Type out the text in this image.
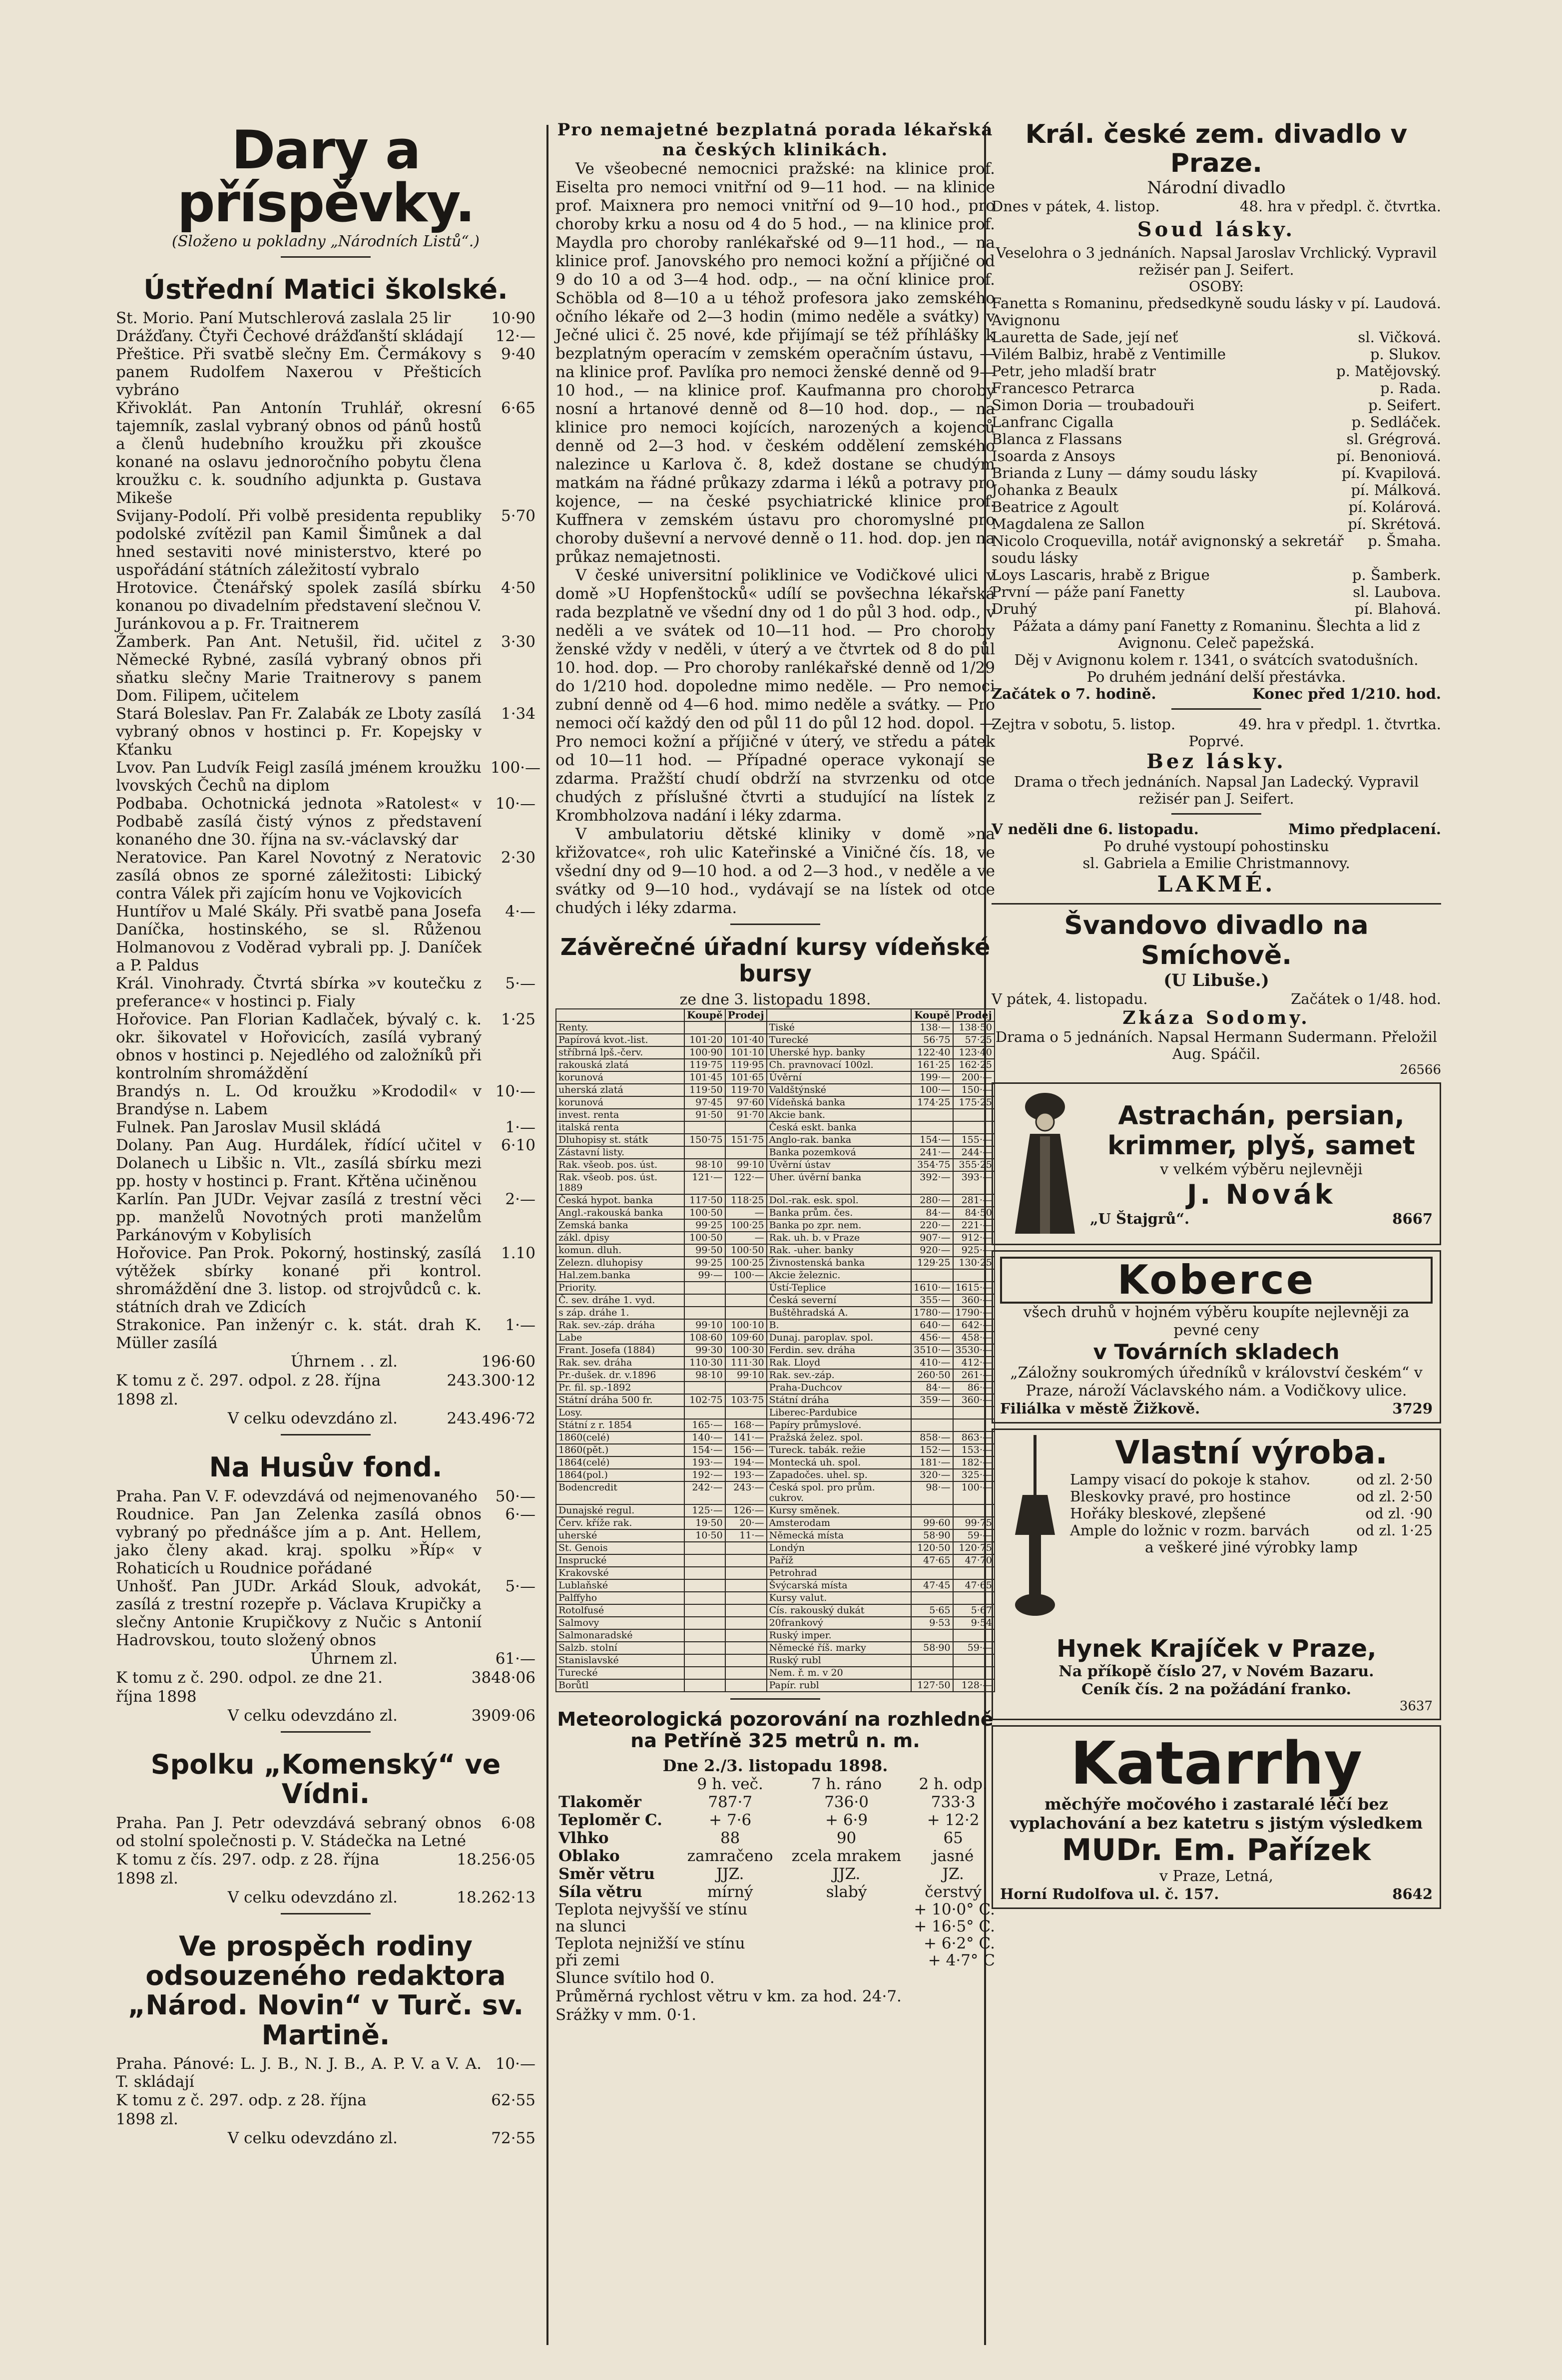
Dary a příspěvky.
(Složeno u pokladny „Národních Listů“.)
Ústřední Matici školské.
St. Morio. Paní Mutschlerová zaslala 25 lir	10·90
Drážďany. Čtyři Čechové drážďanští skládají	12·—
Přeštice. Při svatbě slečny Em. Čermákovy s panem Rudolfem Naxerou v Přešticích vybráno
9·40
Křivoklát. Pan Antonín Truhlář, okresní tajemník, zaslal vybraný obnos od pánů hostů a členů hudebního kroužku při zkoušce konané na oslavu jednoročního pobytu člena kroužku c. k. soudního adjunkta p. Gustava Mikeše
6·65
Svijany-Podolí. Při volbě presidenta republiky podolské zvítězil pan Kamil Šimůnek a dal hned sestaviti nové ministerstvo, které po uspořádání státních záležitostí vybralo
5·70
Hrotovice. Čtenářský spolek zasílá sbírku konanou po divadelním představení slečnou V. Juránkovou a p. Fr. Traitnerem
4·50
Žamberk. Pan Ant. Netušil, řid. učitel z Německé Rybné, zasílá vybraný obnos při sňatku slečny Marie Traitnerovy s panem Dom. Filipem, učitelem
3·30
Stará Boleslav. Pan Fr. Zalabák ze Lboty zasílá vybraný obnos v hostinci p. Fr. Kopejsky v Kťanku
1·34
Lvov. Pan Ludvík Feigl zasílá jménem kroužku lvovských Čechů na diplom
100·—
Podbaba. Ochotnická jednota »Ratolest« v Podbabě zasílá čistý výnos z představení konaného dne 30. října na sv.-václavský dar
10·—
Neratovice. Pan Karel Novotný z Neratovic zasílá obnos ze sporné záležitosti: Libický contra Válek při zajícím honu ve Vojkovicích
2·30
Huntířov u Malé Skály. Při svatbě pana Josefa Daníčka, hostinského, se sl. Růženou Holmanovou z Voděrad vybrali pp. J. Daníček a P. Paldus
4·—
Král. Vinohrady. Čtvrtá sbírka »v koutečku z preferance« v hostinci p. Fialy
5·—
Hořovice. Pan Florian Kadlaček, bývalý c. k. okr. šikovatel v Hořovicích, zasílá vybraný obnos v hostinci p. Nejedlého od založníků při kontrolním shromáždění
1·25
Brandýs n. L. Od kroužku »Krododil« v Brandýse n. Labem
10·—
Fulnek. Pan Jaroslav Musil skládá	1·—
Dolany. Pan Aug. Hurdálek, řídící učitel v Dolanech u Libšic n. Vlt., zasílá sbírku mezi pp. hosty v hostinci p. Frant. Křtěna učiněnou
6·10
Karlín. Pan JUDr. Vejvar zasílá z trestní věci pp. manželů Novotných proti manželům Parkánovým v Kobylisích
2·—
Hořovice. Pan Prok. Pokorný, hostinský, zasílá výtěžek sbírky konané při kontrol. shromáždění dne 3. listop. od strojvůdců c. k. státních drah ve Zdicích
1.10
Strakonice. Pan inženýr c. k. stát. drah K. Müller zasílá
1·—
Úhrnem . . zl.	196·60
K tomu z č. 297. odpol. z 28. října 1898 zl.
243.300·12
V celku odevzdáno zl.	243.496·72
Na Husův fond.
Praha. Pan V. F. odevzdává od nejmenovaného	50·—
Roudnice. Pan Jan Zelenka zasílá obnos vybraný po přednášce jím a p. Ant. Hellem, jako členy akad. kraj. spolku »Říp« v Rohaticích u Roudnice pořádané
6·—
Unhošť. Pan JUDr. Arkád Slouk, advokát, zasílá z trestní rozepře p. Václava Krupičky a slečny Antonie Krupičkovy z Nučic s Antonií Hadrovskou, touto složený obnos
5·—
Úhrnem zl.	61·—
K tomu z č. 290. odpol. ze dne 21. října 1898
3848·06
V celku odevzdáno zl.	3909·06
Spolku „Komenský“ ve Vídni.
Praha. Pan J. Petr odevzdává sebraný obnos od stolní společnosti p. V. Stádečka na Letné
6·08
K tomu z čís. 297. odp. z 28. října 1898 zl.
18.256·05
V celku odevzdáno zl.	18.262·13
Ve prospěch rodiny odsouzeného redaktora „Národ. Novin“ v Turč. sv. Martině.
Praha. Pánové: L. J. B., N. J. B., A. P. V. a V. A. T. skládají
10·—
K tomu z č. 297. odp. z 28. října 1898 zl.
62·55
V celku odevzdáno zl.	72·55
Pro nemajetné bezplatná porada lékařská na českých klinikách.

Ve všeobecné nemocnici pražské: na klinice prof. Eiselta pro nemoci vnitřní od 9—11 hod. — na klinice prof. Maixnera pro nemoci vnitřní od 9—10 hod., pro choroby krku a nosu od 4 do 5 hod., — na klinice prof. Maydla pro choroby ranlékařské od 9—11 hod., — na klinice prof. Janovského pro nemoci kožní a příjičné od 9 do 10 a od 3—4 hod. odp., — na oční klinice prof. Schöbla od 8—10 a u téhož profesora jako zemského očního lékaře od 2—3 hodin (mimo neděle a svátky) v Ječné ulici č. 25 nové, kde přijímají se též příhlášky k bezplatným operacím v zemském operačním ústavu, — na klinice prof. Pavlíka pro nemoci ženské denně od 9—10 hod., — na klinice prof. Kaufmanna pro choroby nosní a hrtanové denně od 8—10 hod. dop., — na klinice pro nemoci kojících, narozených a kojenců denně od 2—3 hod. v českém oddělení zemského nalezince u Karlova č. 8, kdež dostane se chudým matkám na řádné průkazy zdarma i léků a potravy pro kojence, — na české psychiatrické klinice prof. Kuffnera v zemském ústavu pro choromyslné pro choroby duševní a nervové denně o 11. hod. dop. jen na průkaz nemajetnosti.

V české universitní poliklinice ve Vodičkové ulici v domě »U Hopfenštocků« udílí se povšechna lékařská rada bezplatně ve všední dny od 1 do půl 3 hod. odp., v neděli a ve svátek od 10—11 hod. — Pro choroby ženské vždy v neděli, v úterý a ve čtvrtek od 8 do půl 10. hod. dop. — Pro choroby ranlékařské denně od 1/29 do 1/210 hod. dopoledne mimo neděle. — Pro nemoci zubní denně od 4—6 hod. mimo neděle a svátky. — Pro nemoci očí každý den od půl 11 do půl 12 hod. dopol. — Pro nemoci kožní a příjičné v úterý, ve středu a pátek od 10—11 hod. — Případné operace vykonají se zdarma. Pražští chudí obdrží na stvrzenku od otce chudých z příslušné čtvrti a studující na lístek z Krombholzova nadání i léky zdarma.

V ambulatoriu dětské kliniky v domě »na křižovatce«, roh ulic Kateřinské a Viničné čís. 18, ve všední dny od 9—10 hod. a od 2—3 hod., v neděle a ve svátky od 9—10 hod., vydávají se na lístek od otce chudých i léky zdarma.

Závěrečné úřadní kursy vídeňské bursy
ze dne 3. listopadu 1898.
	Koupě	Prodej		Koupě	Prodej
Renty.			Tiské	138·—	138·50
Papírová kvot.-list.	101·20	101·40	Turecké	56·75	57·25
stříbrná lpš.-červ.	100·90	101·10	Uherské hyp. banky	122·40	123·40
rakouská zlatá	119·75	119·95	Ch. pravnovací 100zl.	161·25	162·25
korunová	101·45	101·65	Úvěrní	199·—	200·—
uherská zlatá	119·50	119·70	Valdštýnské	100·—	150·—
korunová	97·45	97·60	Vídeňská banka	174·25	175·25
invest. renta	91·50	91·70	Akcie bank.		
italská renta			Česká eskt. banka		
Dluhopisy st. státk	150·75	151·75	Anglo-rak. banka	154·—	155·—
Zástavní listy.			Banka pozemková	241·—	244·—
Rak. všeob. pos. úst.	98·10	99·10	Úvěrní ústav	354·75	355·25
Rak. všeob. pos. úst. 1889	121·—	122·—	Uher. úvěrní banka	392·—	393·—
Česká hypot. banka	117·50	118·25	Dol.-rak. esk. spol.	280·—	281·—
Angl.-rakouská banka	100·50	—	Banka prům. čes.	84·—	84·50
Zemská banka	99·25	100·25	Banka po zpr. nem.	220·—	221·—
zákl. dpisy	100·50	—	Rak. uh. b. v Praze	907·—	912·—
komun. dluh.	99·50	100·50	Rak. -uher. banky	920·—	925·—
Zelezn. dluhopisy	99·25	100·25	Živnostenská banka	129·25	130·25
Hal.zem.banka	99·—	100·—	Akcie železnic.		
Priority.			Ústí-Teplice	1610·—	1615·—
Č. sev. dráhe 1. vyd.			Česká severní	355·—	360·—
s záp. dráhe 1.			Buštěhradská A.	1780·—	1790·—
Rak. sev.-záp. dráha	99·10	100·10	B.	640·—	642·—
Labe	108·60	109·60	Dunaj. paroplav. spol.	456·—	458·—
Frant. Josefa (1884)	99·30	100·30	Ferdin. sev. dráha	3510·—	3530·—
Rak. sev. dráha	110·30	111·30	Rak. Lloyd	410·—	412·—
Pr.-dušek. dr. v.1896	98·10	99·10	Rak. sev.-záp.	260·50	261·—
Pr. fil. sp.-1892			Praha-Duchcov	84·—	86·—
Státní dráha 500 fr.	102·75	103·75	Státní dráha	359·—	360·—
Losy.			Liberec-Pardubice		
Státní z r. 1854	165·—	168·—	Papíry průmyslové.		
1860(celé)	140·—	141·—	Pražská želez. spol.	858·—	863·—
1860(pět.)	154·—	156·—	Tureck. tabák. režie	152·—	153·—
1864(celé)	193·—	194·—	Montecká uh. spol.	181·—	182·—
1864(pol.)	192·—	193·—	Zapadočes. uhel. sp.	320·—	325·—
Bodencredit	242·—	243·—	Česká spol. pro prům. cukrov.	98·—	100·—
Dunajské regul.	125·—	126·—	Kursy směnek.		
Červ. kříže rak.	19·50	20·—	Amsterodam	99·60	99·75
uherské	10·50	11·—	Německá místa	58·90	59·—
St. Genois			Londýn	120·50	120·75
Insprucké			Paříž	47·65	47·70
Krakovské			Petrohrad		
Lublaňské			Švýcarská místa	47·45	47·65
Palffyho			Kursy valut.		
Rotolfusé			Cís. rakouský dukát	5·65	5·67
Salmovy			20frankový	9·53	9·54
Salmonaradské			Ruský imper.		
Salzb. stolní			Německé říš. marky	58·90	59·—
Stanislavské			Ruský rubl		
Turecké			Nem. ř. m. v 20		
Borůtl			Papír. rubl	127·50	128·—
Meteorologická pozorování na rozhledně na Petříně 325 metrů n. m.
Dne 2./3. listopadu 1898.
	9 h. več.	7 h. ráno	2 h. odp.
Tlakoměr	787·7	736·0	733·3
Teploměr C.	+ 7·6	+ 6·9	+ 12·2
Vlhko	88	90	65
Oblako	zamračeno	zcela mrakem	jasné
Směr větru	JJZ.	JJZ.	JZ.
Síla větru	mírný	slabý	čerstvý
Teplota nejvyšší ve stínu	+ 10·0° C.
na slunci	+ 16·5° C.
Teplota nejnižší ve stínu	+ 6·2° C.
při zemi	+ 4·7° C
Slunce svítilo hod 0.
Průměrná rychlost větru v km. za hod. 24·7.
Srážky v mm. 0·1.
Král. české zem. divadlo v Praze.
Národní divadlo
Dnes v pátek, 4. listop.	48. hra v předpl. č. čtvrtka.
Soud lásky.
Veselohra o 3 jednáních. Napsal Jaroslav Vrchlický. Vypravil režisér pan J. Seifert.
OSOBY:
Fanetta s Romaninu, předsedkyně soudu lásky v Avignonu
pí. Laudová.
Lauretta de Sade, její neť	sl. Vičková.
Vilém Balbiz, hrabě z Ventimille	p. Slukov.
Petr, jeho mladší bratr	p. Matějovský.
Francesco Petrarca	p. Rada.
Simon Doria — troubadouři	p. Seifert.
Lanfranc Cigalla	p. Sedláček.
Blanca z Flassans	sl. Grégrová.
Isoarda z Ansoys	pí. Benoniová.
Brianda z Luny — dámy soudu lásky	pí. Kvapilová.
Johanka z Beaulx	pí. Málková.
Beatrice z Agoult	pí. Kolárová.
Magdalena ze Sallon	pí. Skrétová.
Nicolo Croquevilla, notář avignonský a sekretář soudu lásky
p. Šmaha.
Loys Lascaris, hrabě z Brigue	p. Šamberk.
První — páže paní Fanetty	sl. Laubova.
Druhý	pí. Blahová.
Pážata a dámy paní Fanetty z Romaninu. Šlechta a lid z Avignonu. Celeč papežská.
Děj v Avignonu kolem r. 1341, o svátcích svatodušních.
Po druhém jednání delší přestávka.
Začátek o 7. hodině.	Konec před 1/210. hod.
Zejtra v sobotu, 5. listop.	49. hra v předpl. 1. čtvrtka.
Poprvé.
Bez lásky.
Drama o třech jednáních. Napsal Jan Ladecký. Vypravil režisér pan J. Seifert.
V neděli dne 6. listopadu.	Mimo předplacení.
Po druhé vystoupí pohostinsku
sl. Gabriela a Emilie Christmannovy.
LAKMÉ.
Švandovo divadlo na Smíchově.
(U Libuše.)
V pátek, 4. listopadu.	Začátek o 1/48. hod.
Zkáza Sodomy.
Drama o 5 jednáních. Napsal Hermann Sudermann. Přeložil Aug. Spáčil.
26566
Astrachán, persian,
krimmer, plyš, samet
v velkém výběru nejlevněji
J. Novák
„U Štajgrů“.	8667
Koberce
všech druhů v hojném výběru koupíte nejlevněji za pevné ceny
v Továrních skladech
„Záložny soukromých úředníků v království českém“ v Praze, nároží Václavského nám. a Vodičkovy ulice.
Filiálka v městě Žižkově.	3729
Vlastní výroba.
Lampy visací do pokoje k stahov.	od zl. 2·50
Bleskovky pravé, pro hostince	od zl. 2·50
Hořáky bleskové, zlepšené	od zl. ·90
Ample do ložnic v rozm. barvách	od zl. 1·25
a veškeré jiné výrobky lamp
Hynek Krajíček v Praze,
Na příkopě číslo 27, v Novém Bazaru.
Ceník čís. 2 na požádání franko.
3637
Katarrhy
měchýře močového i zastaralé léčí bez vyplachování a bez katetru s jistým výsledkem
MUDr. Em. Pařízek
v Praze, Letná,
Horní Rudolfova ul. č. 157.	8642
